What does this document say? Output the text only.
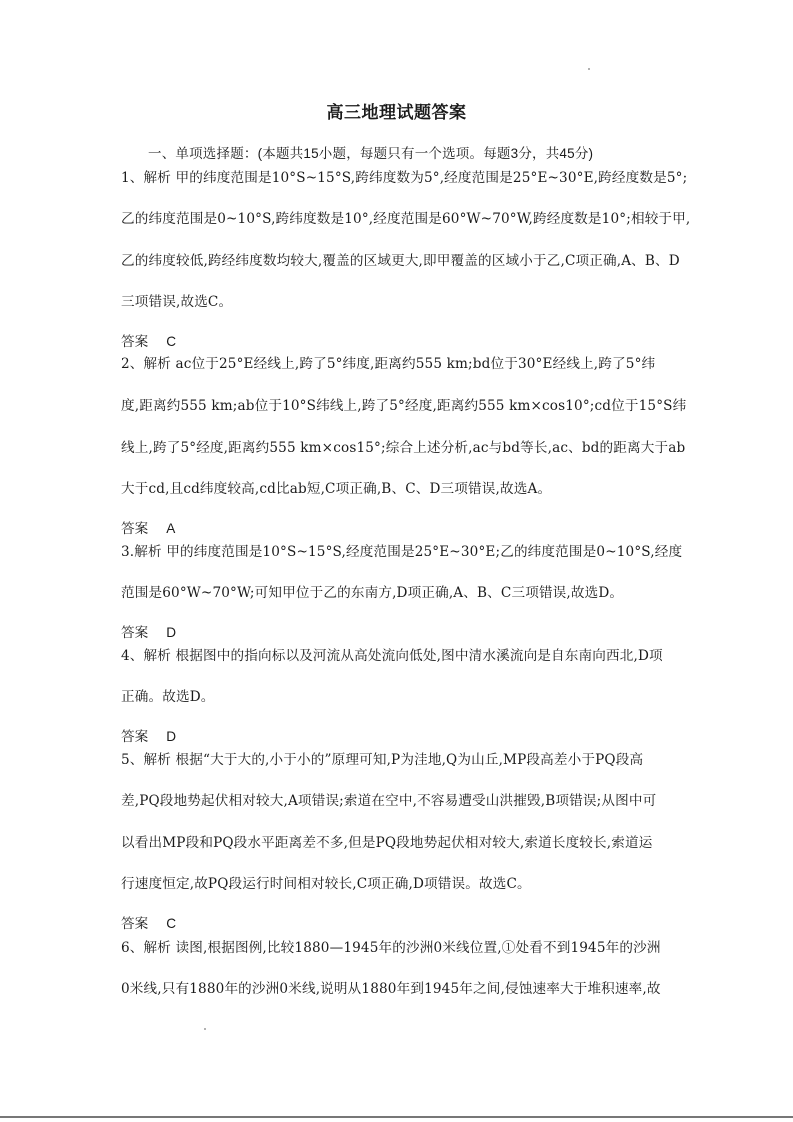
高三地理试题答案
一、单项选择题：(本题共15小题，每题只有一个选项。每题3分，共45分)
1、解析 甲的纬度范围是10°S~15°S,跨纬度数为5°,经度范围是25°E~30°E,跨经度数是5°;
乙的纬度范围是0~10°S,跨纬度数是10°,经度范围是60°W~70°W,跨经度数是10°;相较于甲,
乙的纬度较低,跨经纬度数均较大,覆盖的区域更大,即甲覆盖的区域小于乙,C项正确,A、B、D
三项错误,故选C。
答案 C
2、解析 ac位于25°E经线上,跨了5°纬度,距离约555 km;bd位于30°E经线上,跨了5°纬
度,距离约555 km;ab位于10°S纬线上,跨了5°经度,距离约555 km×cos10°;cd位于15°S纬
线上,跨了5°经度,距离约555 km×cos15°;综合上述分析,ac与bd等长,ac、bd的距离大于ab
大于cd,且cd纬度较高,cd比ab短,C项正确,B、C、D三项错误,故选A。
答案 A
3.解析 甲的纬度范围是10°S~15°S,经度范围是25°E~30°E;乙的纬度范围是0~10°S,经度
范围是60°W~70°W;可知甲位于乙的东南方,D项正确,A、B、C三项错误,故选D。
答案 D
4、解析 根据图中的指向标以及河流从高处流向低处,图中清水溪流向是自东南向西北,D项
正确。故选D。
答案 D
5、解析 根据“大于大的,小于小的”原理可知,P为洼地,Q为山丘,MP段高差小于PQ段高
差,PQ段地势起伏相对较大,A项错误;索道在空中,不容易遭受山洪摧毁,B项错误;从图中可
以看出MP段和PQ段水平距离差不多,但是PQ段地势起伏相对较大,索道长度较长,索道运
行速度恒定,故PQ段运行时间相对较长,C项正确,D项错误。故选C。
答案 C
6、解析 读图,根据图例,比较1880—1945年的沙洲0米线位置,①处看不到1945年的沙洲
0米线,只有1880年的沙洲0米线,说明从1880年到1945年之间,侵蚀速率大于堆积速率,故
